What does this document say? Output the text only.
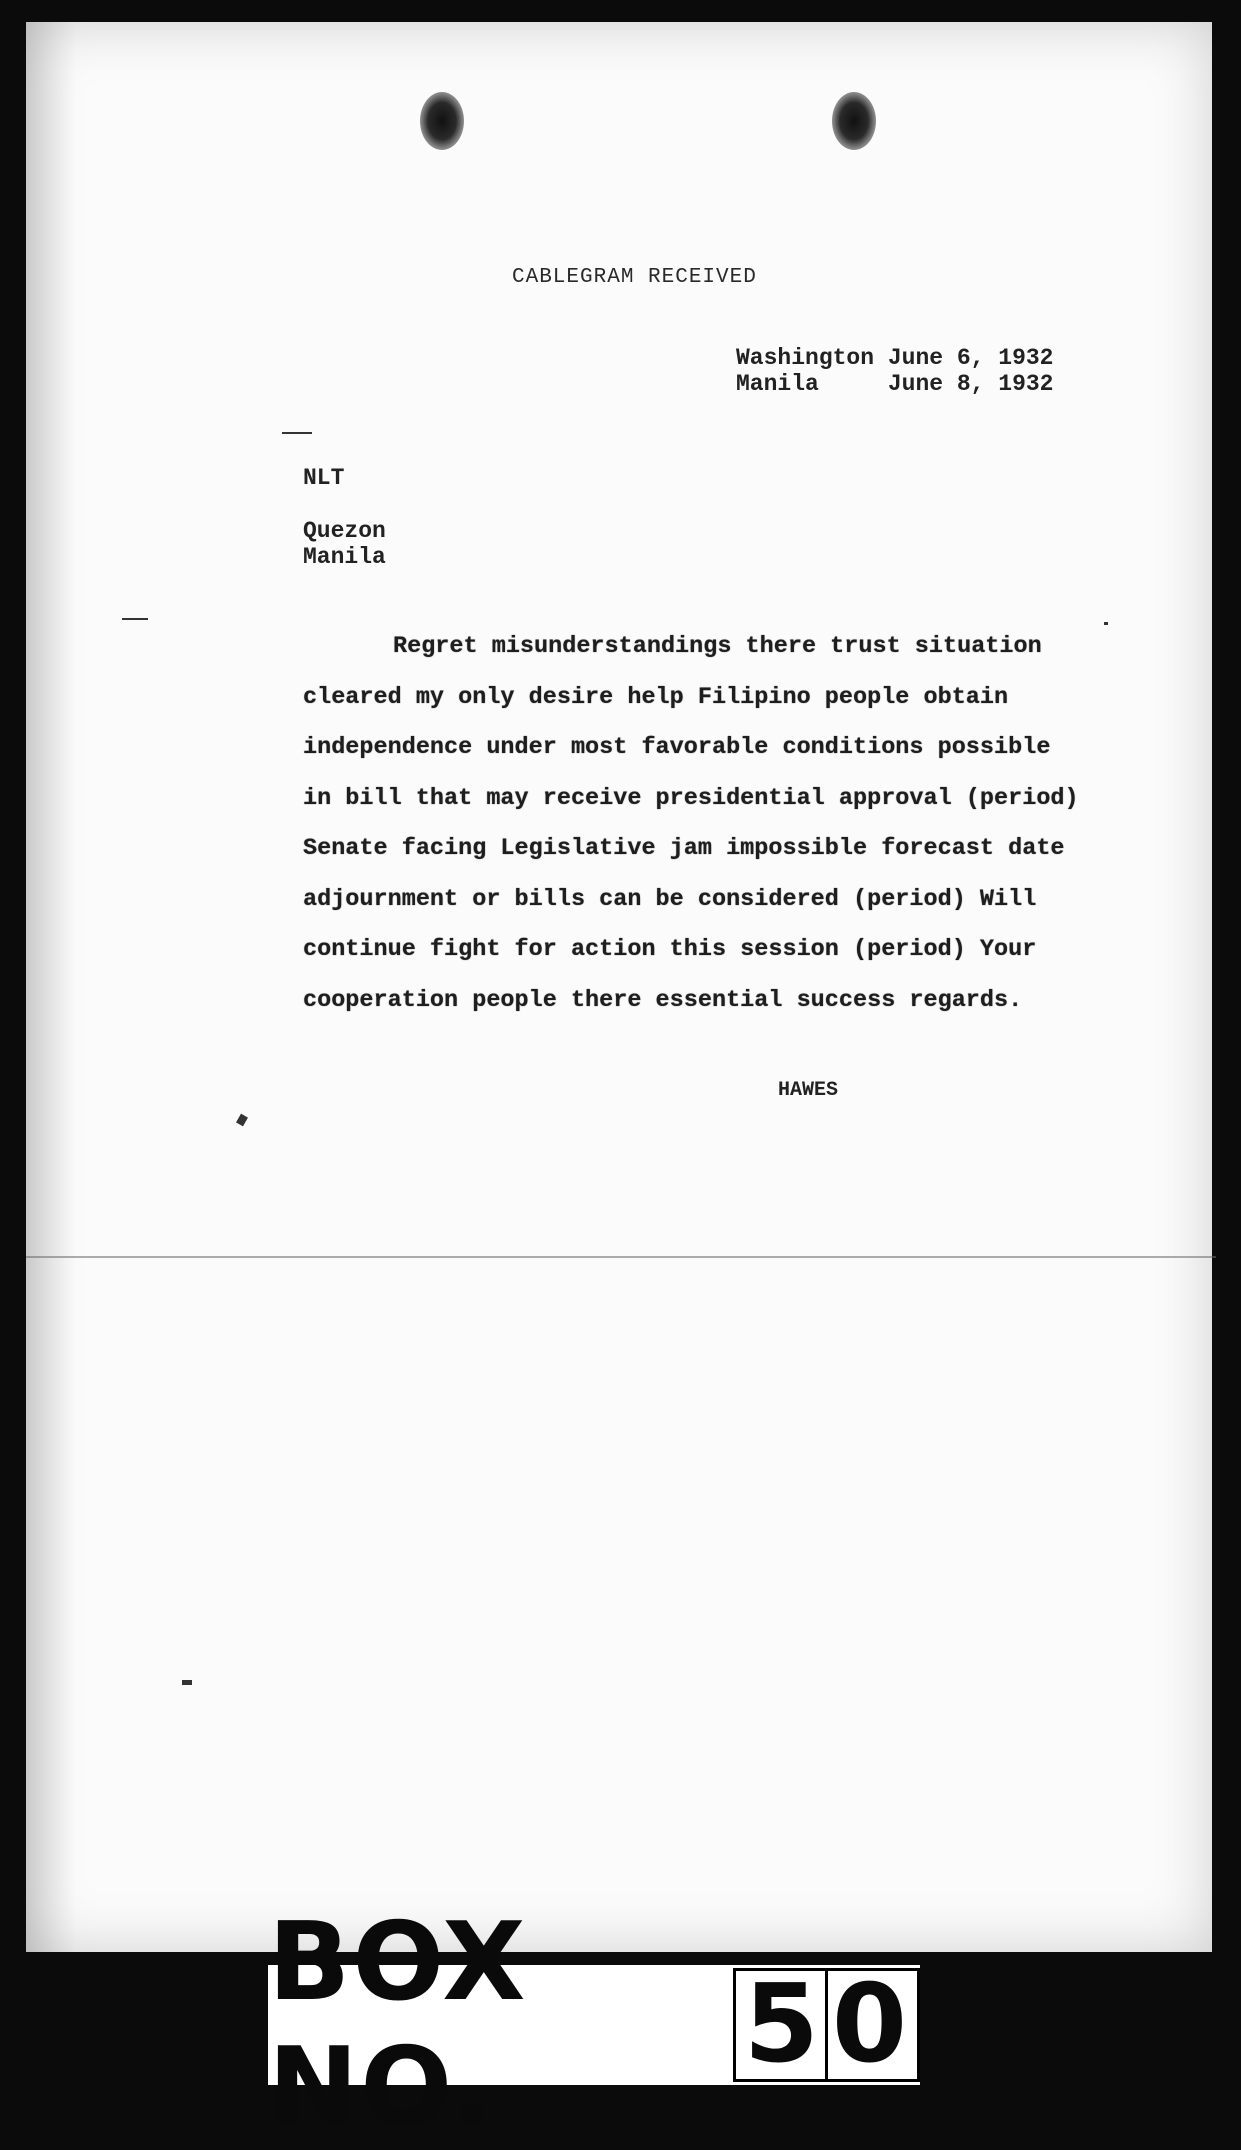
CABLEGRAM RECEIVED
Washington June 6, 1932
Manila	June 8, 1932
NLT
Quezon
Manila
Regret misunderstandings there trust situation
cleared my only desire help Filipino people obtain
independence under most favorable conditions possible
in bill that may receive presidential approval (period)
Senate facing Legislative jam impossible forecast date
adjournment or bills can be considered (period) Will
continue fight for action this session (period) Your
cooperation people there essential success regards.
HAWES
BOX NO.
5 0
